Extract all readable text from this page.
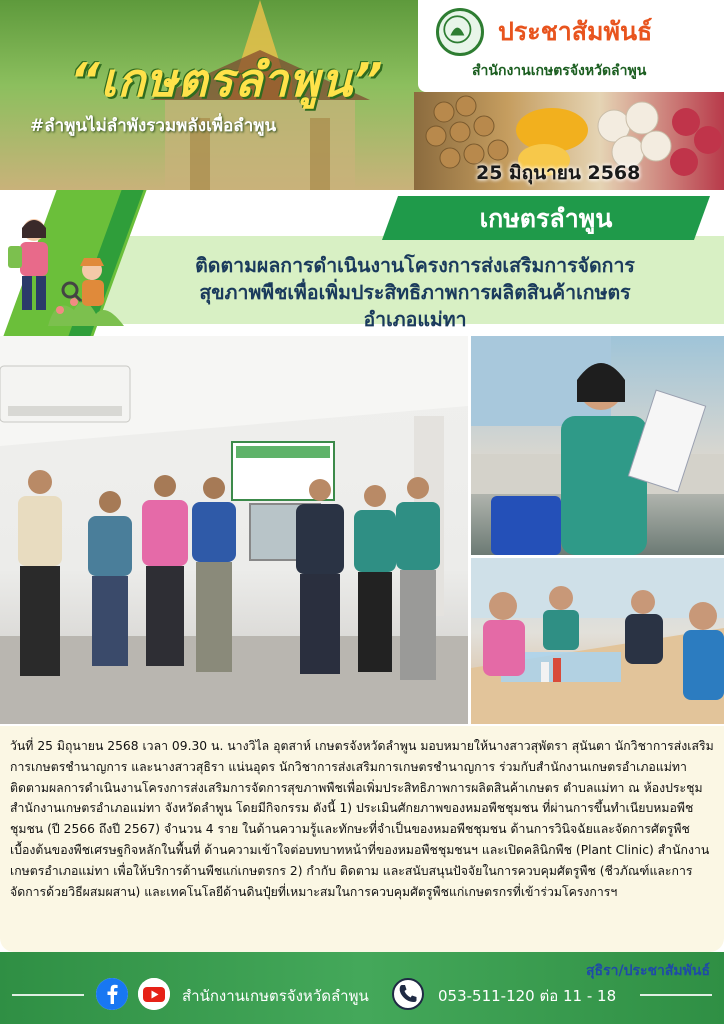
“เกษตรลำพูน”
#ลำพูนไม่ลำพังรวมพลังเพื่อลำพูน
ประชาสัมพันธ์
สำนักงานเกษตรจังหวัดลำพูน
25 มิถุนายน 2568
เกษตรลำพูน
ติดตามผลการดำเนินงานโครงการส่งเสริมการจัดการ
สุขภาพพืชเพื่อเพิ่มประสิทธิภาพการผลิตสินค้าเกษตร
อำเภอแม่ทา

วันที่ 25 มิถุนายน 2568 เวลา 09.30 น. นางวิไล อุตสาห์ เกษตรจังหวัดลำพูน มอบหมายให้นางสาวสุพัตรา สุนันตา นักวิชาการส่งเสริมการเกษตรชำนาญการ และนางสาวสุธิรา แน่นอุดร นักวิชาการส่งเสริมการเกษตรชำนาญการ ร่วมกับสำนักงานเกษตรอำเภอแม่ทา ติดตามผลการดำเนินงานโครงการส่งเสริมการจัดการสุขภาพพืชเพื่อเพิ่มประสิทธิภาพการผลิตสินค้าเกษตร ตำบลแม่ทา ณ ห้องประชุมสำนักงานเกษตรอำเภอแม่ทา จังหวัดลำพูน โดยมีกิจกรรม ดังนี้ 1) ประเมินศักยภาพของหมอพืชชุมชน ที่ผ่านการขึ้นทำเนียบหมอพืชชุมชน (ปี 2566 ถึงปี 2567) จำนวน 4 ราย ในด้านความรู้และทักษะที่จำเป็นของหมอพืชชุมชน ด้านการวินิจฉัยและจัดการศัตรูพืชเบื้องต้นของพืชเศรษฐกิจหลักในพื้นที่ ด้านความเข้าใจต่อบทบาทหน้าที่ของหมอพืชชุมชนฯ และเปิดคลินิกพืช (Plant Clinic) สำนักงานเกษตรอำเภอแม่ทา เพื่อให้บริการด้านพืชแก่เกษตรกร 2) กำกับ ติดตาม และสนับสนุนปัจจัยในการควบคุมศัตรูพืช (ชีวภัณฑ์และการจัดการด้วยวิธีผสมผสาน) และเทคโนโลยีด้านดินปุ๋ยที่เหมาะสมในการควบคุมศัตรูพืชแก่เกษตรกรที่เข้าร่วมโครงการฯ

สุธิรา/ประชาสัมพันธ์
สำนักงานเกษตรจังหวัดลำพูน	053-511-120 ต่อ 11 - 18
